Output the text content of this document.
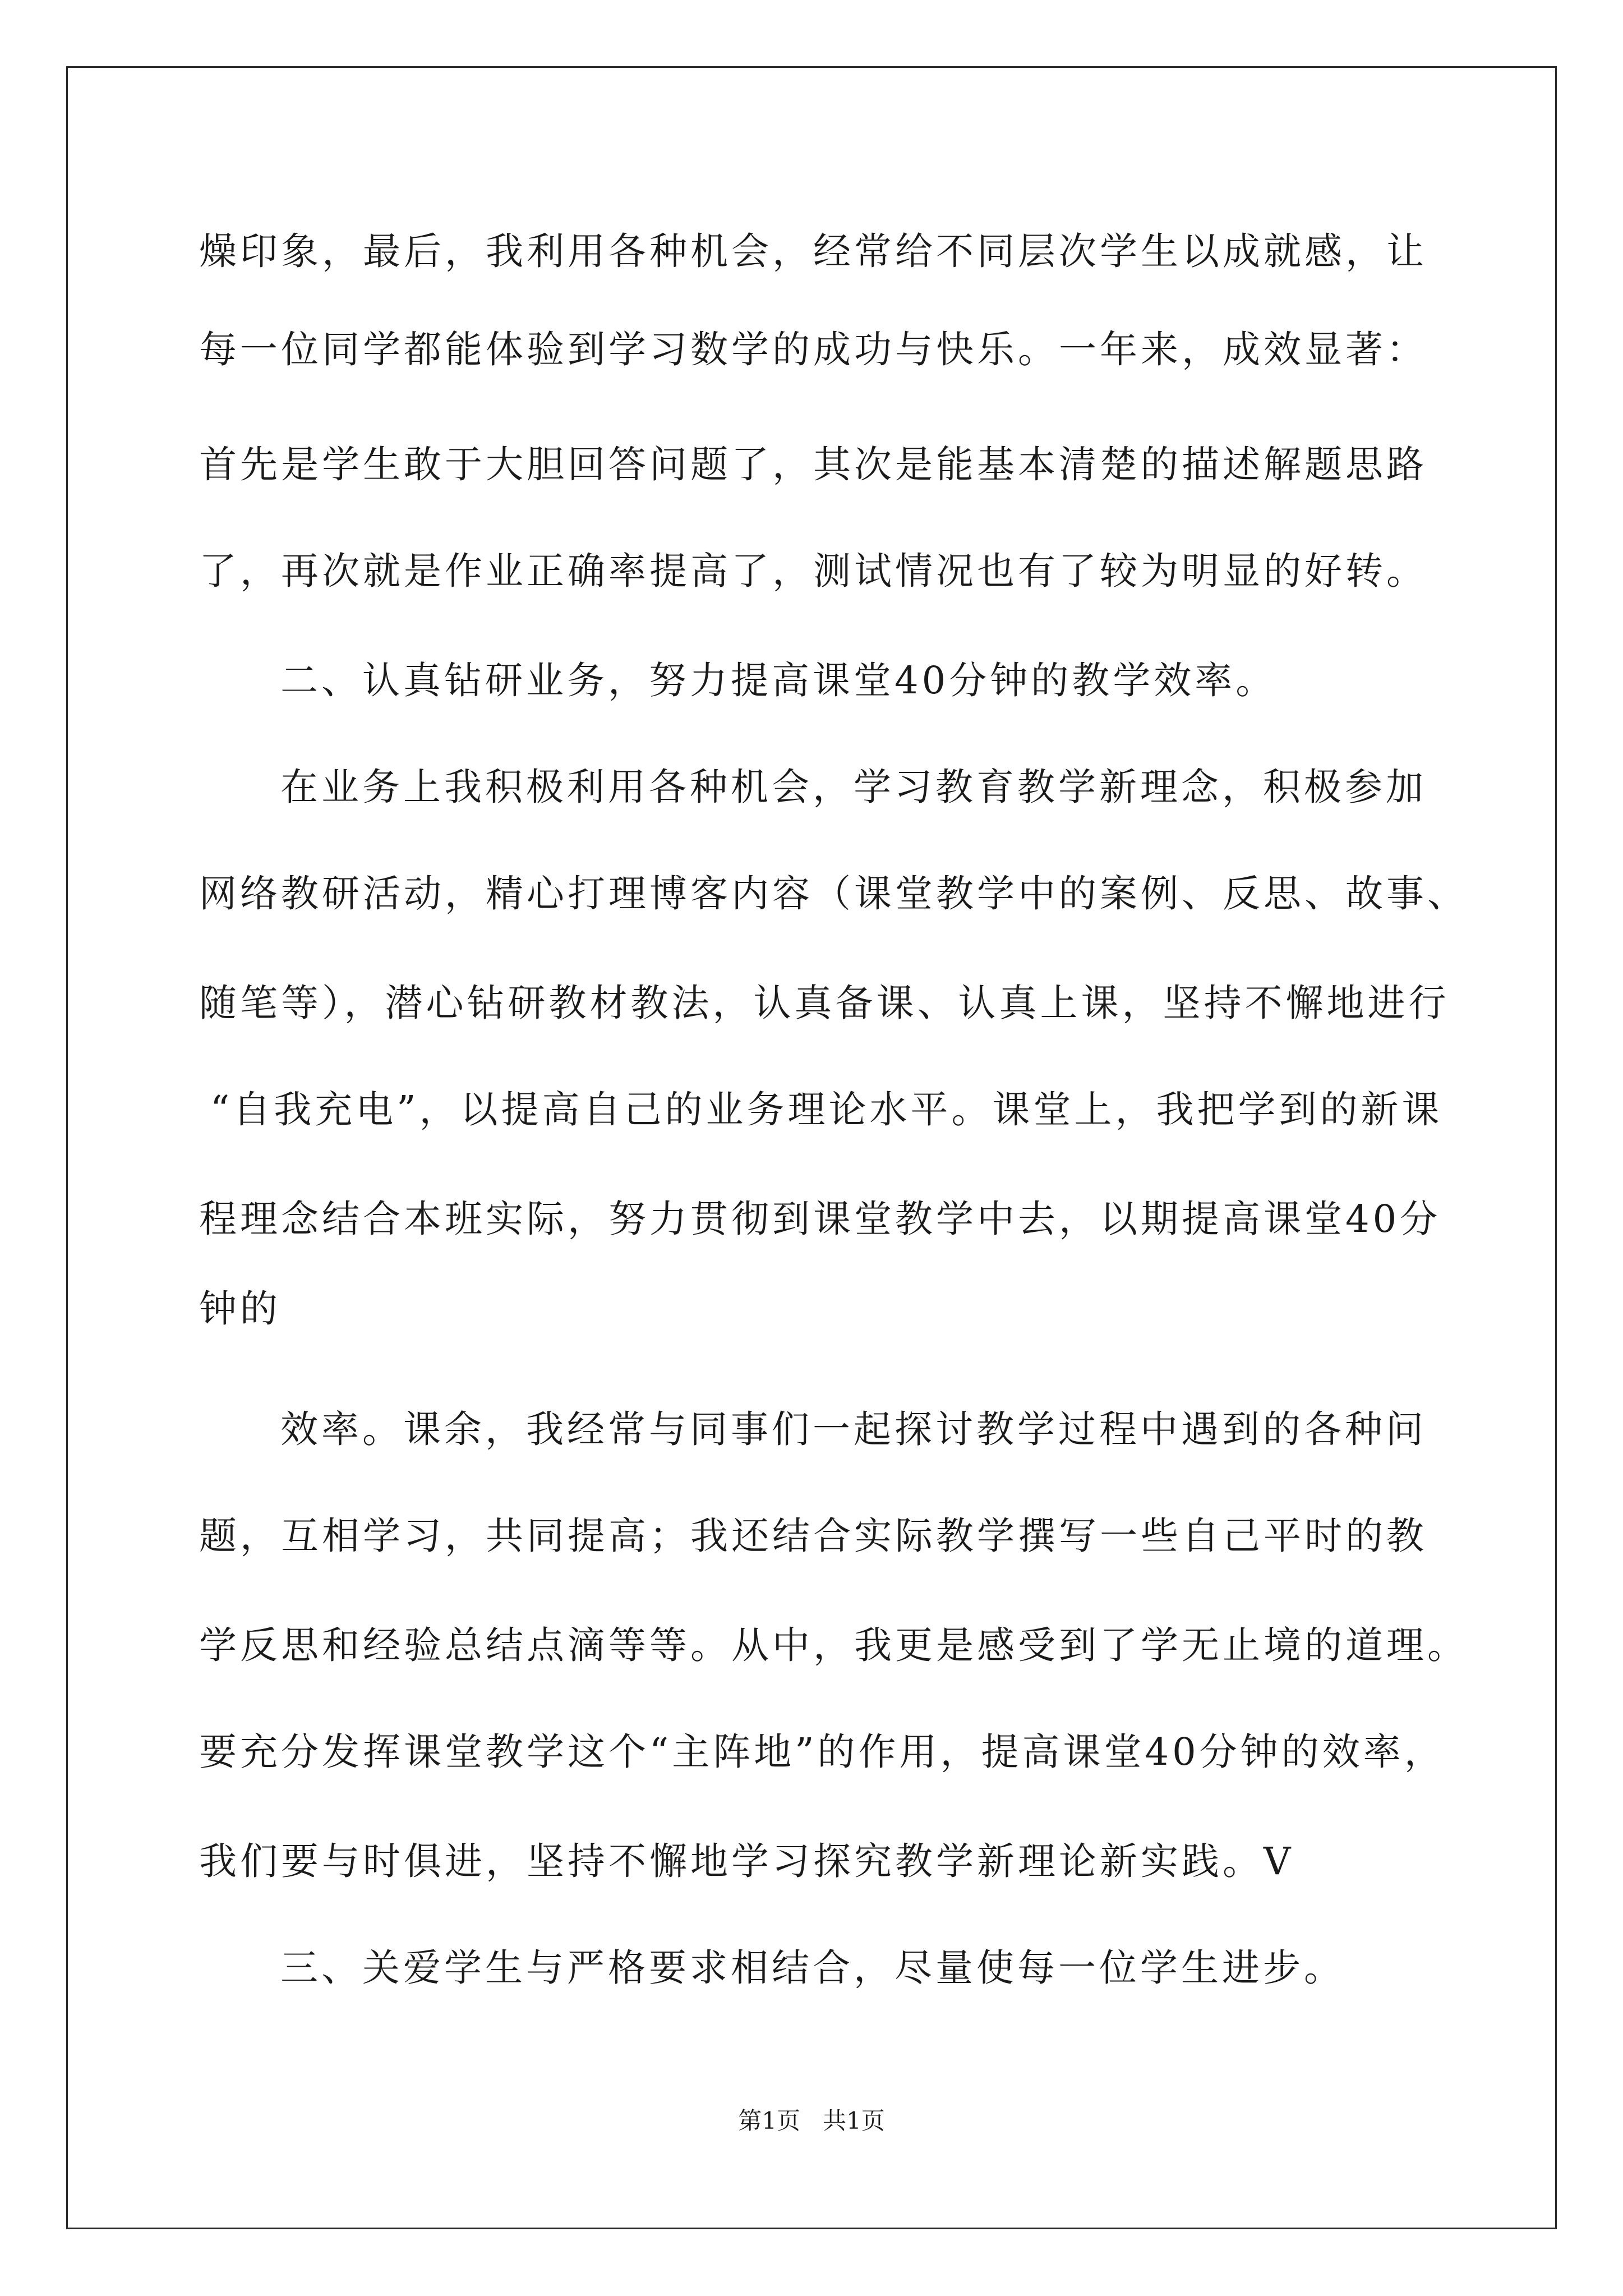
燥印象，最后，我利用各种机会，经常给不同层次学生以成就感，让
每一位同学都能体验到学习数学的成功与快乐。一年来，成效显著：
首先是学生敢于大胆回答问题了，其次是能基本清楚的描述解题思路
了，再次就是作业正确率提高了，测试情况也有了较为明显的好转。
二、认真钻研业务，努力提高课堂40分钟的教学效率。
在业务上我积极利用各种机会，学习教育教学新理念，积极参加
网络教研活动，精心打理博客内容（课堂教学中的案例、反思、故事、
随笔等），潜心钻研教材教法，认真备课、认真上课，坚持不懈地进行
“自我充电”，以提高自己的业务理论水平。课堂上，我把学到的新课
程理念结合本班实际，努力贯彻到课堂教学中去，以期提高课堂40分
钟的
效率。课余，我经常与同事们一起探讨教学过程中遇到的各种问
题，互相学习，共同提高；我还结合实际教学撰写一些自己平时的教
学反思和经验总结点滴等等。从中，我更是感受到了学无止境的道理。
要充分发挥课堂教学这个“主阵地”的作用，提高课堂40分钟的效率，
我们要与时俱进，坚持不懈地学习探究教学新理论新实践。V
三、关爱学生与严格要求相结合，尽量使每一位学生进步。
第1页   共1页
